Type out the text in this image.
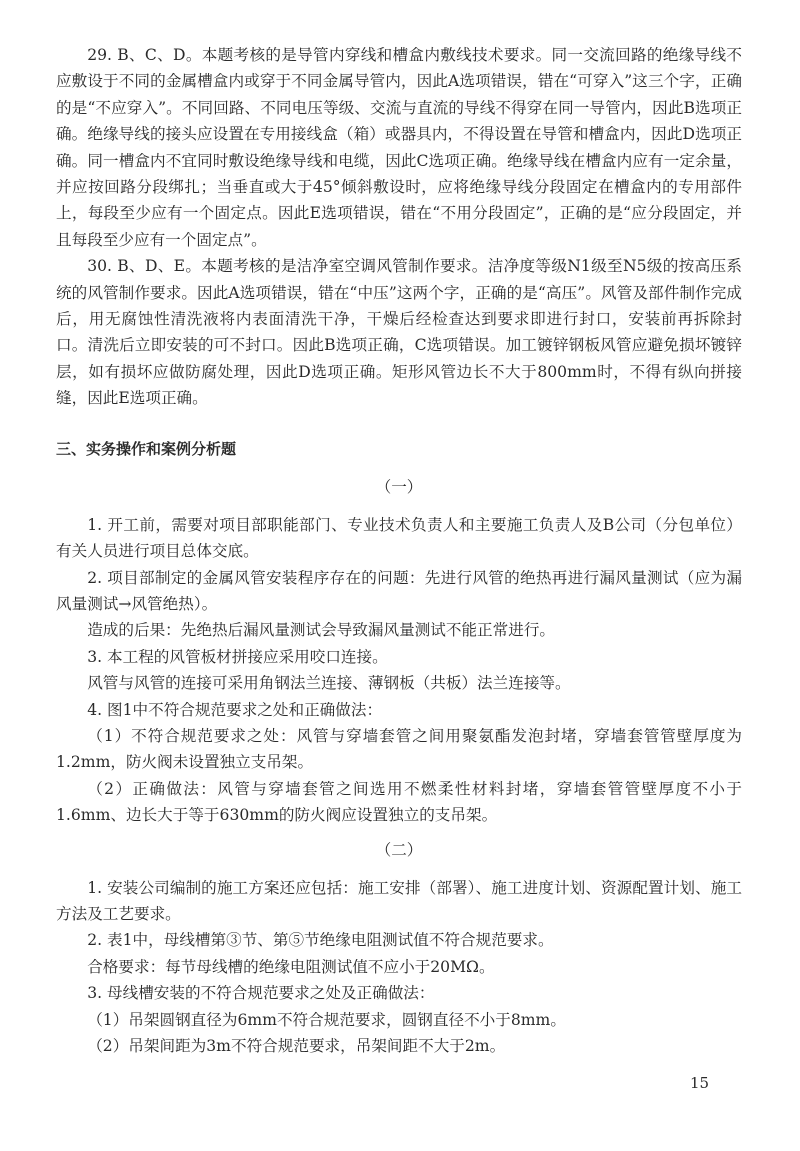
29. B、C、D。本题考核的是导管内穿线和槽盒内敷线技术要求。同一交流回路的绝缘导线不应敷设于不同的金属槽盒内或穿于不同金属导管内，因此A选项错误，错在“可穿入”这三个字，正确的是“不应穿入”。不同回路、不同电压等级、交流与直流的导线不得穿在同一导管内，因此B选项正确。绝缘导线的接头应设置在专用接线盒（箱）或器具内，不得设置在导管和槽盒内，因此D选项正确。同一槽盒内不宜同时敷设绝缘导线和电缆，因此C选项正确。绝缘导线在槽盒内应有一定余量，并应按回路分段绑扎；当垂直或大于45°倾斜敷设时，应将绝缘导线分段固定在槽盒内的专用部件上，每段至少应有一个固定点。因此E选项错误，错在“不用分段固定”，正确的是“应分段固定，并且每段至少应有一个固定点”。

30. B、D、E。本题考核的是洁净室空调风管制作要求。洁净度等级N1级至N5级的按高压系统的风管制作要求。因此A选项错误，错在“中压”这两个字，正确的是“高压”。风管及部件制作完成后，用无腐蚀性清洗液将内表面清洗干净，干燥后经检查达到要求即进行封口，安装前再拆除封口。清洗后立即安装的可不封口。因此B选项正确，C选项错误。加工镀锌钢板风管应避免损坏镀锌层，如有损坏应做防腐处理，因此D选项正确。矩形风管边长不大于800mm时，不得有纵向拼接缝，因此E选项正确。

三、实务操作和案例分析题
（一）

1. 开工前，需要对项目部职能部门、专业技术负责人和主要施工负责人及B公司（分包单位）有关人员进行项目总体交底。

2. 项目部制定的金属风管安装程序存在的问题：先进行风管的绝热再进行漏风量测试（应为漏风量测试→风管绝热）。

造成的后果：先绝热后漏风量测试会导致漏风量测试不能正常进行。

3. 本工程的风管板材拼接应采用咬口连接。

风管与风管的连接可采用角钢法兰连接、薄钢板（共板）法兰连接等。

4. 图1中不符合规范要求之处和正确做法：

（1）不符合规范要求之处：风管与穿墙套管之间用聚氨酯发泡封堵，穿墙套管管壁厚度为1.2mm，防火阀未设置独立支吊架。

（2）正确做法：风管与穿墙套管之间选用不燃柔性材料封堵，穿墙套管管壁厚度不小于1.6mm、边长大于等于630mm的防火阀应设置独立的支吊架。

（二）

1. 安装公司编制的施工方案还应包括：施工安排（部署）、施工进度计划、资源配置计划、施工方法及工艺要求。

2. 表1中，母线槽第③节、第⑤节绝缘电阻测试值不符合规范要求。

合格要求：每节母线槽的绝缘电阻测试值不应小于20MΩ。

3. 母线槽安装的不符合规范要求之处及正确做法：

（1）吊架圆钢直径为6mm不符合规范要求，圆钢直径不小于8mm。

（2）吊架间距为3m不符合规范要求，吊架间距不大于2m。

15
